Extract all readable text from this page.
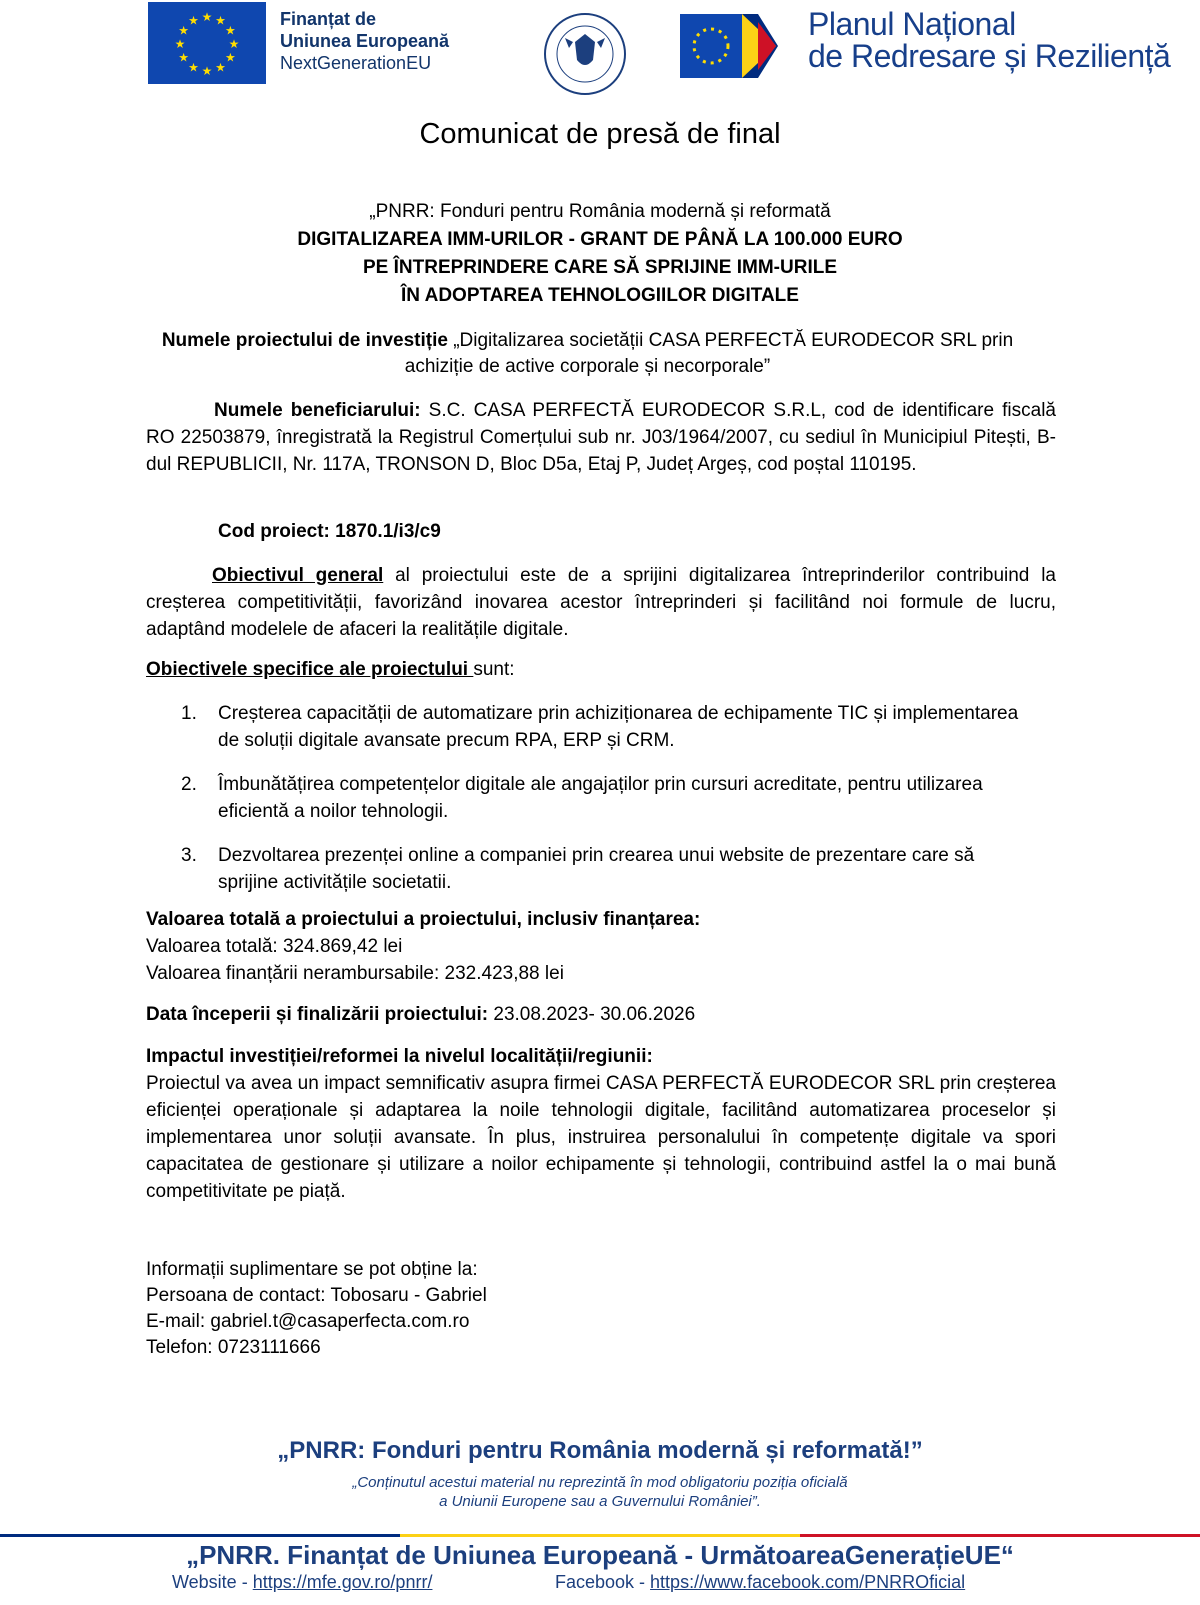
★ ★
★
★
★
★
★
★
★
★
★
★	Finanțat de
Uniunea Europeană
NextGenerationEU
Planul Național
de Redresare și Reziliență
Comunicat de presă de final
„PNRR: Fonduri pentru România modernă și reformată
DIGITALIZAREA IMM-URILOR - GRANT DE PÂNĂ LA 100.000 EURO
PE ÎNTREPRINDERE CARE SĂ SPRIJINE IMM-URILE
ÎN ADOPTAREA TEHNOLOGIILOR DIGITALE
Numele proiectului de investiție „Digitalizarea societății CASA PERFECTĂ EURODECOR SRL prin achiziție de active corporale și necorporale”
Numele beneficiarului: S.C. CASA PERFECTĂ EURODECOR S.R.L, cod de identificare fiscală RO 22503879, înregistrată la Registrul Comerțului sub nr. J03/1964/2007, cu sediul în Municipiul Pitești, B-dul REPUBLICII, Nr. 117A, TRONSON D, Bloc D5a, Etaj P, Județ Argeș, cod poștal 110195.
Cod proiect: 1870.1/i3/c9
Obiectivul general al proiectului este de a sprijini digitalizarea întreprinderilor contribuind la creșterea competitivității, favorizând inovarea acestor întreprinderi și facilitând noi formule de lucru, adaptând modelele de afaceri la realitățile digitale.
Obiectivele specifice ale proiectului sunt:
1. Creșterea capacității de automatizare prin achiziționarea de echipamente TIC și implementarea de soluții digitale avansate precum RPA, ERP și CRM.
2. Îmbunătățirea competențelor digitale ale angajaților prin cursuri acreditate, pentru utilizarea eficientă a noilor tehnologii.
3. Dezvoltarea prezenței online a companiei prin crearea unui website de prezentare care să sprijine activitățile societatii.
Valoarea totală a proiectului a proiectului, inclusiv finanțarea:
Valoarea totală: 324.869,42 lei
Valoarea finanțării nerambursabile: 232.423,88 lei
Data începerii și finalizării proiectului: 23.08.2023- 30.06.2026
Impactul investiției/reformei la nivelul localității/regiunii:
Proiectul va avea un impact semnificativ asupra firmei CASA PERFECTĂ EURODECOR SRL prin creșterea eficienței operaționale și adaptarea la noile tehnologii digitale, facilitând automatizarea proceselor și implementarea unor soluții avansate. În plus, instruirea personalului în competențe digitale va spori capacitatea de gestionare și utilizare a noilor echipamente și tehnologii, contribuind astfel la o mai bună competitivitate pe piață.
Informații suplimentare se pot obține la:
Persoana de contact: Tobosaru - Gabriel
E-mail: gabriel.t@casaperfecta.com.ro
Telefon: 0723111666
„PNRR: Fonduri pentru România modernă și reformată!”
„Conținutul acestui material nu reprezintă în mod obligatoriu poziția oficială
a Uniunii Europene sau a Guvernului României”.
„PNRR. Finanțat de Uniunea Europeană - UrmătoareaGenerațieUE“
Website - https://mfe.gov.ro/pnrr/	Facebook - https://www.facebook.com/PNRROficial
